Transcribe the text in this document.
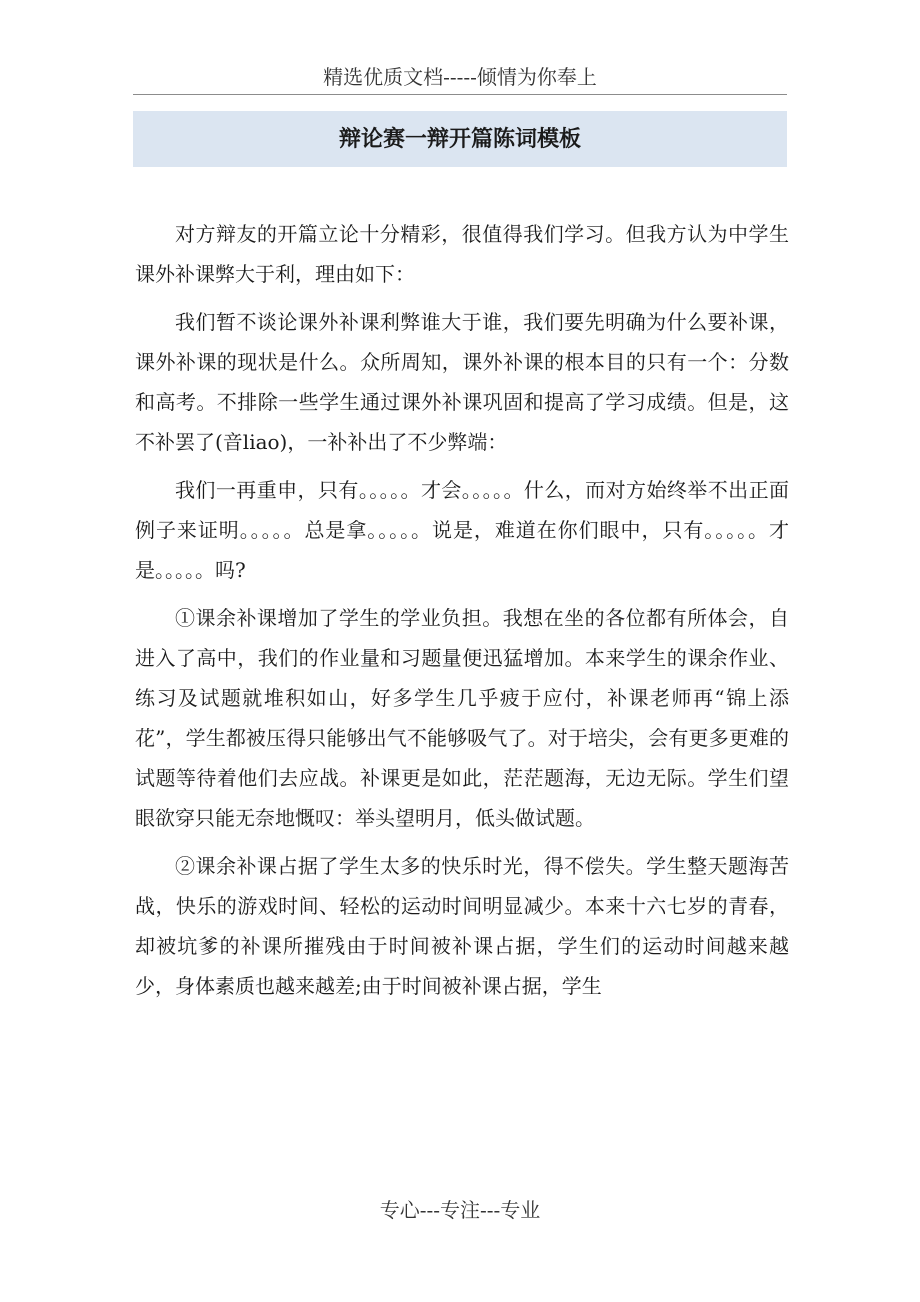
精选优质文档-----倾情为你奉上
辩论赛一辩开篇陈词模板

对方辩友的开篇立论十分精彩，很值得我们学习。但我方认为中学生课外补课弊大于利，理由如下：

我们暂不谈论课外补课利弊谁大于谁，我们要先明确为什么要补课，课外补课的现状是什么。众所周知，课外补课的根本目的只有一个：分数和高考。不排除一些学生通过课外补课巩固和提高了学习成绩。但是，这不补罢了(音liao)，一补补出了不少弊端：

我们一再重申，只有。。。。。才会。。。。。什么，而对方始终举不出正面例子来证明。。。。。总是拿。。。。。说是，难道在你们眼中，只有。。。。。才是。。。。。吗?

①课余补课增加了学生的学业负担。我想在坐的各位都有所体会，自进入了高中，我们的作业量和习题量便迅猛增加。本来学生的课余作业、练习及试题就堆积如山，好多学生几乎疲于应付，补课老师再“锦上添花”，学生都被压得只能够出气不能够吸气了。对于培尖，会有更多更难的试题等待着他们去应战。补课更是如此，茫茫题海，无边无际。学生们望眼欲穿只能无奈地慨叹：举头望明月，低头做试题。

②课余补课占据了学生太多的快乐时光，得不偿失。学生整天题海苦战，快乐的游戏时间、轻松的运动时间明显减少。本来十六七岁的青春，却被坑爹的补课所摧残由于时间被补课占据，学生们的运动时间越来越少，身体素质也越来越差;由于时间被补课占据，学生

专心---专注---专业
